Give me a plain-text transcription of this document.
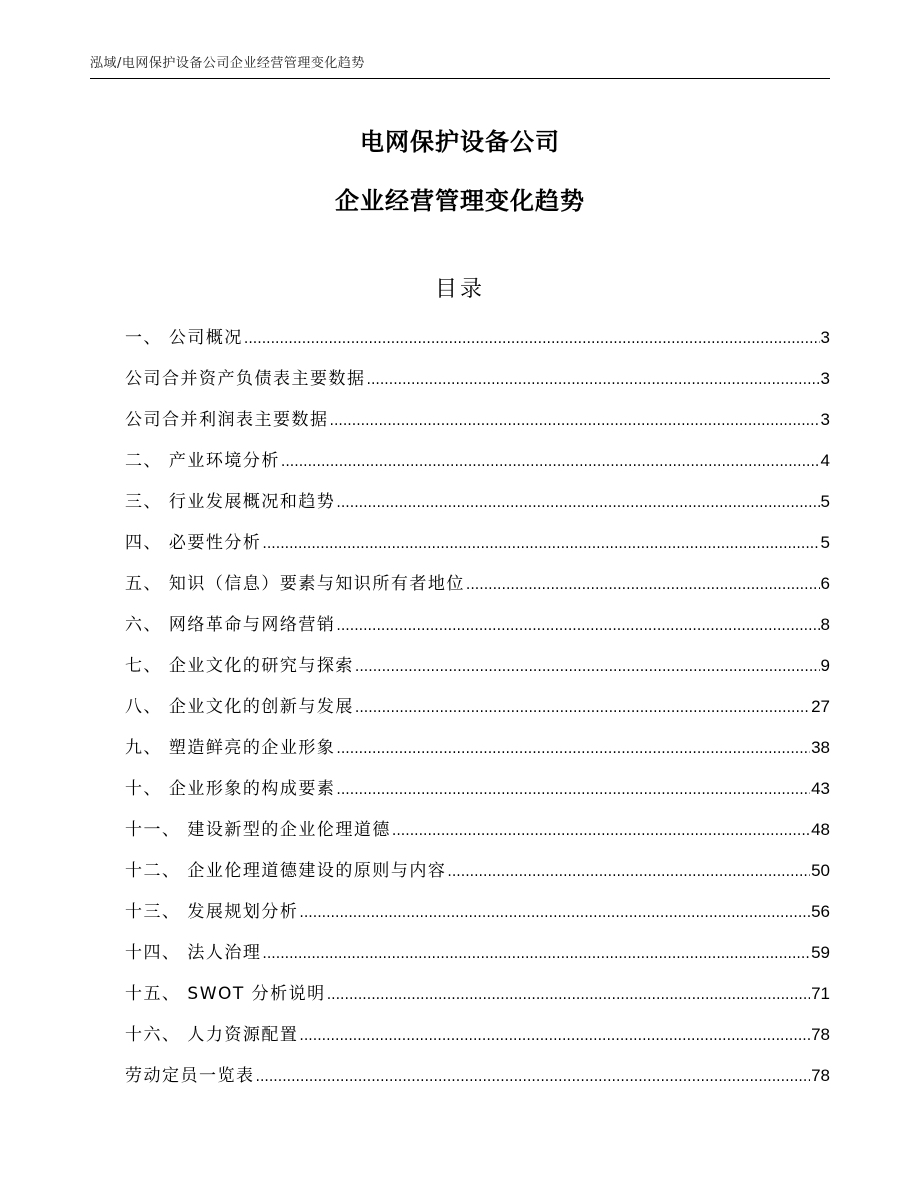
泓域/电网保护设备公司企业经营管理变化趋势
电网保护设备公司
企业经营管理变化趋势
目录
一、 公司概况 .....	3
公司合并资产负债表主要数据 .....	3
公司合并利润表主要数据 .....	3
二、 产业环境分析 .....	4
三、 行业发展概况和趋势 .....	5
四、 必要性分析 .....	5
五、 知识（信息）要素与知识所有者地位 .....	6
六、 网络革命与网络营销 .....	8
七、 企业文化的研究与探索 .....	9
八、 企业文化的创新与发展 .....	27
九、 塑造鲜亮的企业形象 .....	38
十、 企业形象的构成要素 .....	43
十一、 建设新型的企业伦理道德 .....	48
十二、 企业伦理道德建设的原则与内容 .....	50
十三、 发展规划分析 .....	56
十四、 法人治理 .....	59
十五、 SWOT 分析说明 .....	71
十六、 人力资源配置 .....	78
劳动定员一览表 .....	78
